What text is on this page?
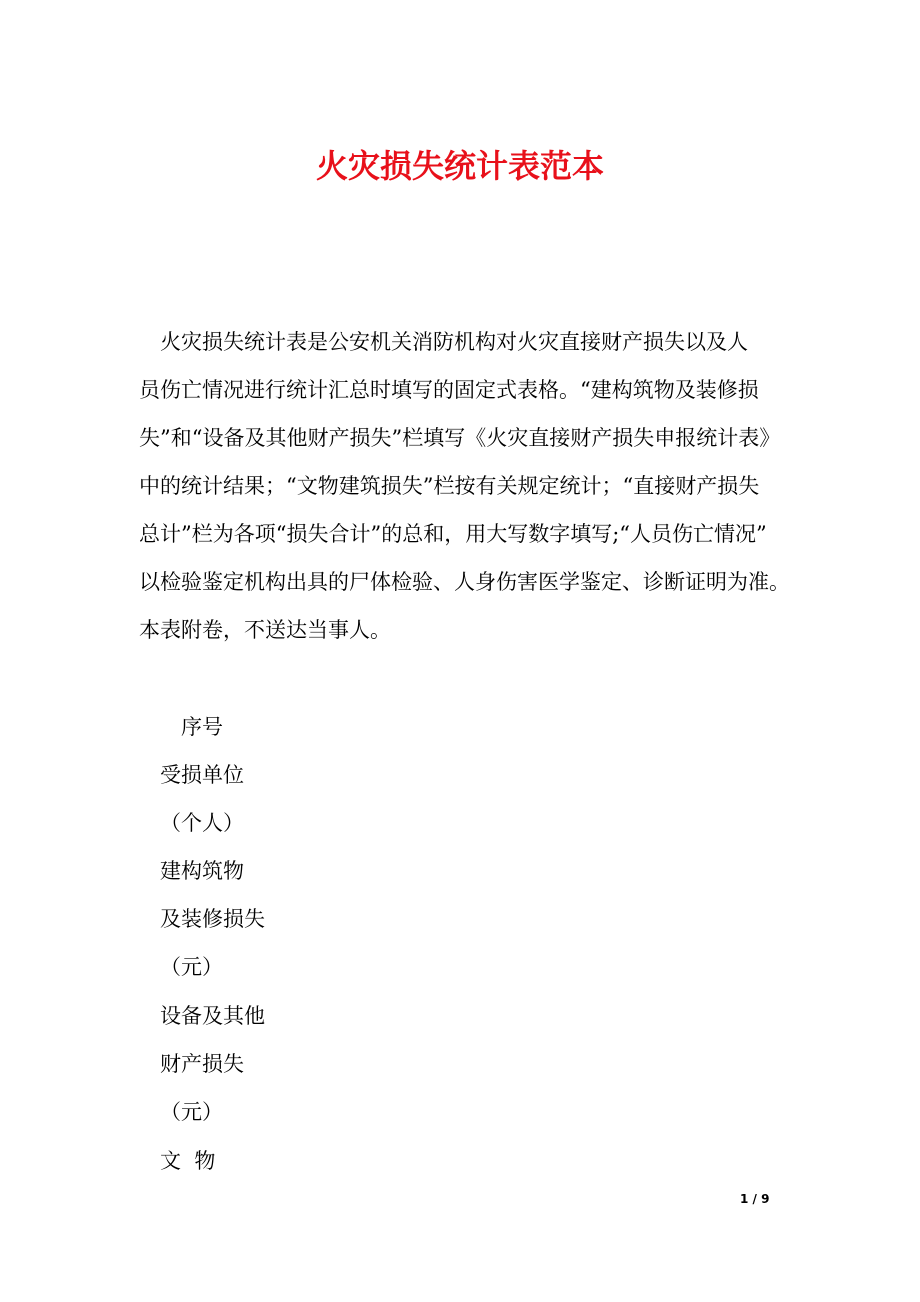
火灾损失统计表范本
火灾损失统计表是公安机关消防机构对火灾直接财产损失以及人
员伤亡情况进行统计汇总时填写的固定式表格。“建构筑物及装修损
失”和“设备及其他财产损失”栏填写《火灾直接财产损失申报统计表》
中的统计结果；“文物建筑损失”栏按有关规定统计；“直接财产损失
总计”栏为各项“损失合计”的总和，用大写数字填写;“人员伤亡情况”
以检验鉴定机构出具的尸体检验、人身伤害医学鉴定、诊断证明为准。
本表附卷，不送达当事人。
序号
受损单位
（个人）
建构筑物
及装修损失
（元）
设备及其他
财产损失
（元）
文  物
1 / 9
